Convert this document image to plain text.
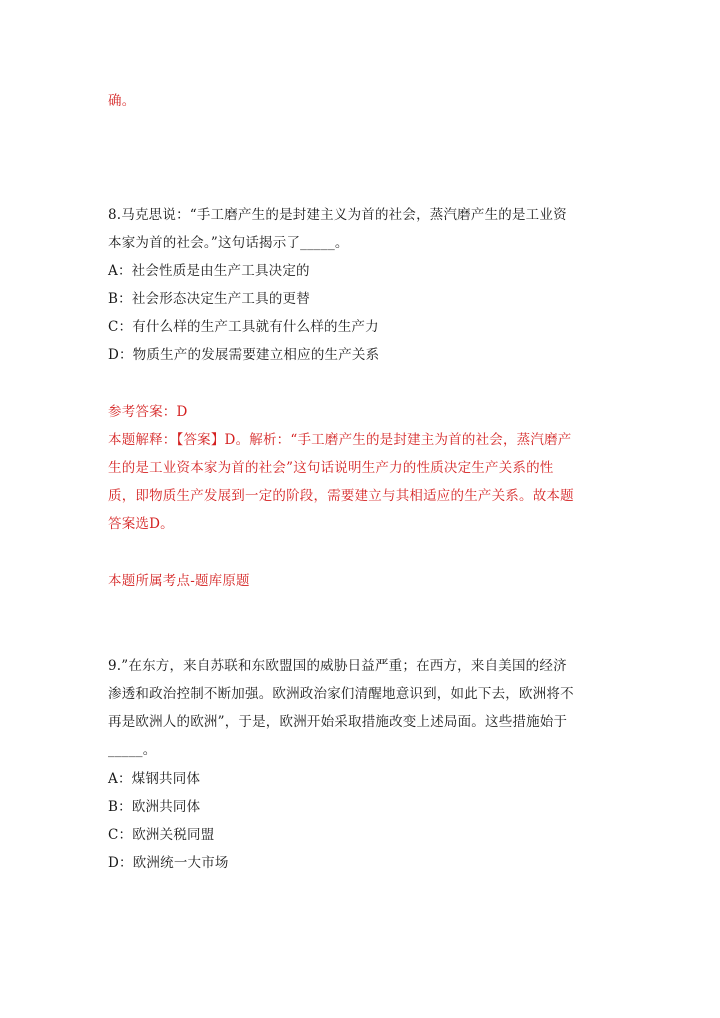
确。
8.马克思说：“手工磨产生的是封建主义为首的社会，蒸汽磨产生的是工业资
本家为首的社会。”这句话揭示了_____。
A：社会性质是由生产工具决定的
B：社会形态决定生产工具的更替
C：有什么样的生产工具就有什么样的生产力
D：物质生产的发展需要建立相应的生产关系
参考答案：D
本题解释：【答案】D。解析：“手工磨产生的是封建主为首的社会，蒸汽磨产
生的是工业资本家为首的社会”这句话说明生产力的性质决定生产关系的性
质，即物质生产发展到一定的阶段，需要建立与其相适应的生产关系。故本题
答案选D。
本题所属考点-题库原题
9.”在东方，来自苏联和东欧盟国的威胁日益严重；在西方，来自美国的经济
渗透和政治控制不断加强。欧洲政治家们清醒地意识到，如此下去，欧洲将不
再是欧洲人的欧洲”，于是，欧洲开始采取措施改变上述局面。这些措施始于
_____。
A：煤钢共同体
B：欧洲共同体
C：欧洲关税同盟
D：欧洲统一大市场
